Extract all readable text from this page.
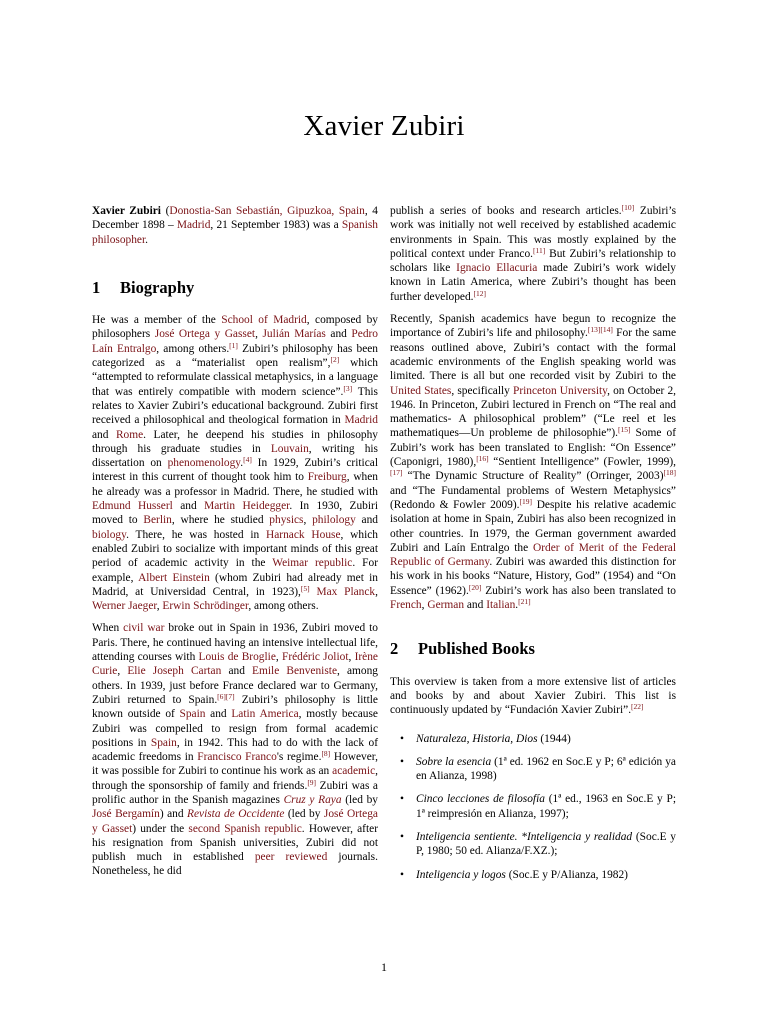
Xavier Zubiri

Xavier Zubiri (Donostia-San Sebastián, Gipuzkoa, Spain, 4 December 1898 – Madrid, 21 September 1983) was a Spanish philosopher.

1 Biography

He was a member of the School of Madrid, composed by philosophers José Ortega y Gasset, Julián Marías and Pedro Laín Entralgo, among others.[1] Zubiri’s philosophy has been categorized as a “materialist open realism”,[2] which “attempted to reformulate classical metaphysics, in a language that was entirely compatible with modern science”.[3] This relates to Xavier Zubiri’s educational background. Zubiri first received a philosophical and theological formation in Madrid and Rome. Later, he deepend his studies in philosophy through his graduate studies in Louvain, writing his dissertation on phenomenology.[4] In 1929, Zubiri’s critical interest in this current of thought took him to Freiburg, when he already was a professor in Madrid. There, he studied with Edmund Husserl and Martin Heidegger. In 1930, Zubiri moved to Berlin, where he studied physics, philology and biology. There, he was hosted in Harnack House, which enabled Zubiri to socialize with important minds of this great period of academic activity in the Weimar republic. For example, Albert Einstein (whom Zubiri had already met in Madrid, at Universidad Central, in 1923),[5] Max Planck, Werner Jaeger, Erwin Schrödinger, among others.

When civil war broke out in Spain in 1936, Zubiri moved to Paris. There, he continued having an intensive intellectual life, attending courses with Louis de Broglie, Frédéric Joliot, Irène Curie, Elie Joseph Cartan and Emile Benveniste, among others. In 1939, just before France declared war to Germany, Zubiri returned to Spain.[6][7] Zubiri’s philosophy is little known outside of Spain and Latin America, mostly because Zubiri was compelled to resign from formal academic positions in Spain, in 1942. This had to do with the lack of academic freedoms in Francisco Franco's regime.[8] However, it was possible for Zubiri to continue his work as an academic, through the sponsorship of family and friends.[9] Zubiri was a prolific author in the Spanish magazines Cruz y Raya (led by José Bergamín) and Revista de Occidente (led by José Ortega y Gasset) under the second Spanish republic. However, after his resignation from Spanish universities, Zubiri did not publish much in established peer reviewed journals. Nonetheless, he did

publish a series of books and research articles.[10] Zubiri’s work was initially not well received by established academic environments in Spain. This was mostly explained by the political context under Franco.[11] But Zubiri’s relationship to scholars like Ignacio Ellacuria made Zubiri’s work widely known in Latin America, where Zubiri’s thought has been further developed.[12]

Recently, Spanish academics have begun to recognize the importance of Zubiri’s life and philosophy.[13][14] For the same reasons outlined above, Zubiri’s contact with the formal academic environments of the English speaking world was limited. There is all but one recorded visit by Zubiri to the United States, specifically Princeton University, on October 2, 1946. In Princeton, Zubiri lectured in French on “The real and mathematics- A philosophical problem” (“Le reel et les mathematiques—Un probleme de philosophie”).[15] Some of Zubiri’s work has been translated to English: “On Essence” (Caponigri, 1980),[16] “Sentient Intelligence” (Fowler, 1999),[17] “The Dynamic Structure of Reality” (Orringer, 2003)[18] and “The Fundamental problems of Western Metaphysics” (Redondo & Fowler 2009).[19] Despite his relative academic isolation at home in Spain, Zubiri has also been recognized in other countries. In 1979, the German government awarded Zubiri and Laín Entralgo the Order of Merit of the Federal Republic of Germany. Zubiri was awarded this distinction for his work in his books “Nature, History, God” (1954) and “On Essence” (1962).[20] Zubiri’s work has also been translated to French, German and Italian.[21]

2 Published Books

This overview is taken from a more extensive list of articles and books by and about Xavier Zubiri. This list is continuously updated by “Fundación Xavier Zubiri”.[22]

• Naturaleza, Historia, Dios (1944)
• Sobre la esencia (1ª ed. 1962 en Soc.E y P; 6ª edición ya en Alianza, 1998)
• Cinco lecciones de filosofía (1ª ed., 1963 en Soc.E y P; 1ª reimpresión en Alianza, 1997);
• Inteligencia sentiente. *Inteligencia y realidad (Soc.E y P, 1980; 50 ed. Alianza/F.XZ.);
• Inteligencia y logos (Soc.E y P/Alianza, 1982)
1
